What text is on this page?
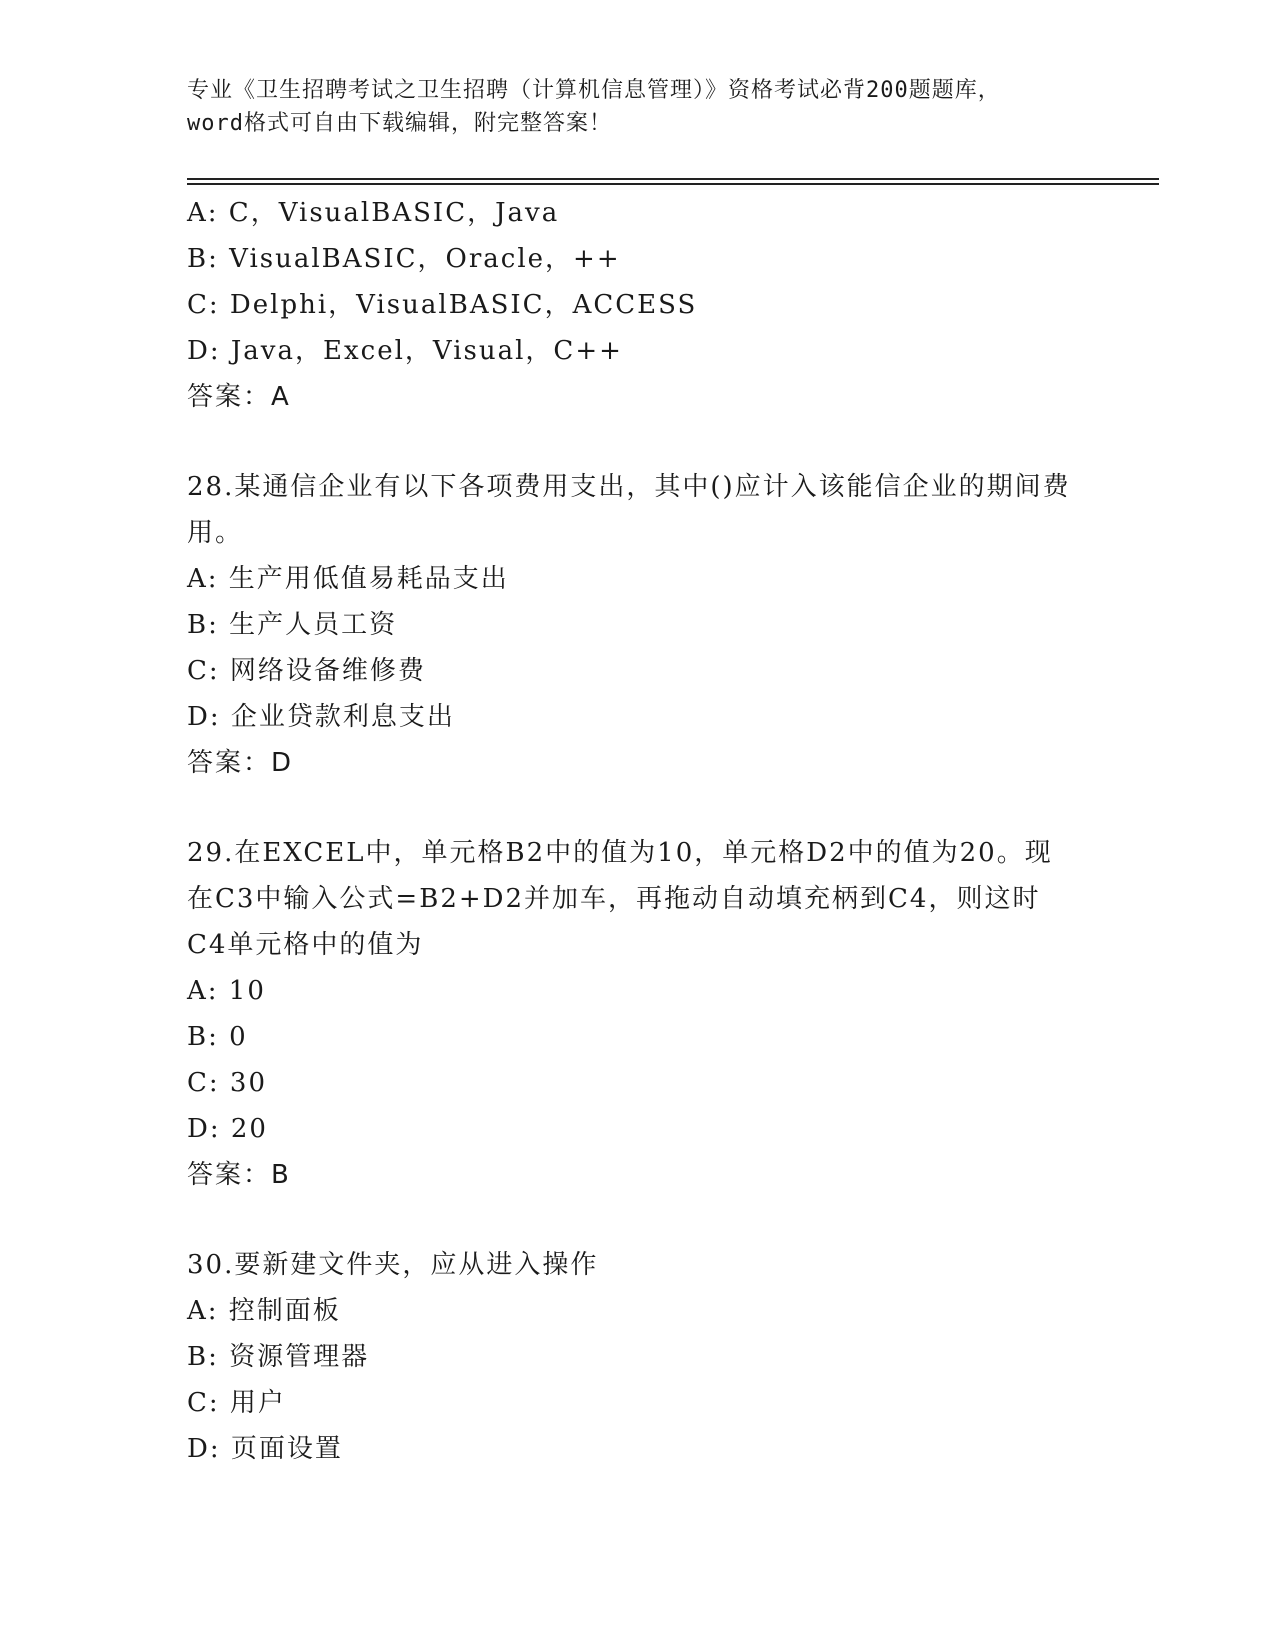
专业《卫生招聘考试之卫生招聘（计算机信息管理）》资格考试必背200题题库，
word格式可自由下载编辑，附完整答案！
A: C，VisualBASIC，Java
B: VisualBASIC，Oracle，++
C: Delphi，VisualBASIC，ACCESS
D: Java，Excel，Visual，C++
答案：A
28.某通信企业有以下各项费用支出，其中()应计入该能信企业的期间费用。
A: 生产用低值易耗品支出
B: 生产人员工资
C: 网络设备维修费
D: 企业贷款利息支出
答案：D
29.在EXCEL中，单元格B2中的值为10，单元格D2中的值为20。现在C3中输入公式=B2+D2并加车，再拖动自动填充柄到C4，则这时C4单元格中的值为
A: 10
B: 0
C: 30
D: 20
答案：B
30.要新建文件夹，应从进入操作
A: 控制面板
B: 资源管理器
C: 用户
D: 页面设置
